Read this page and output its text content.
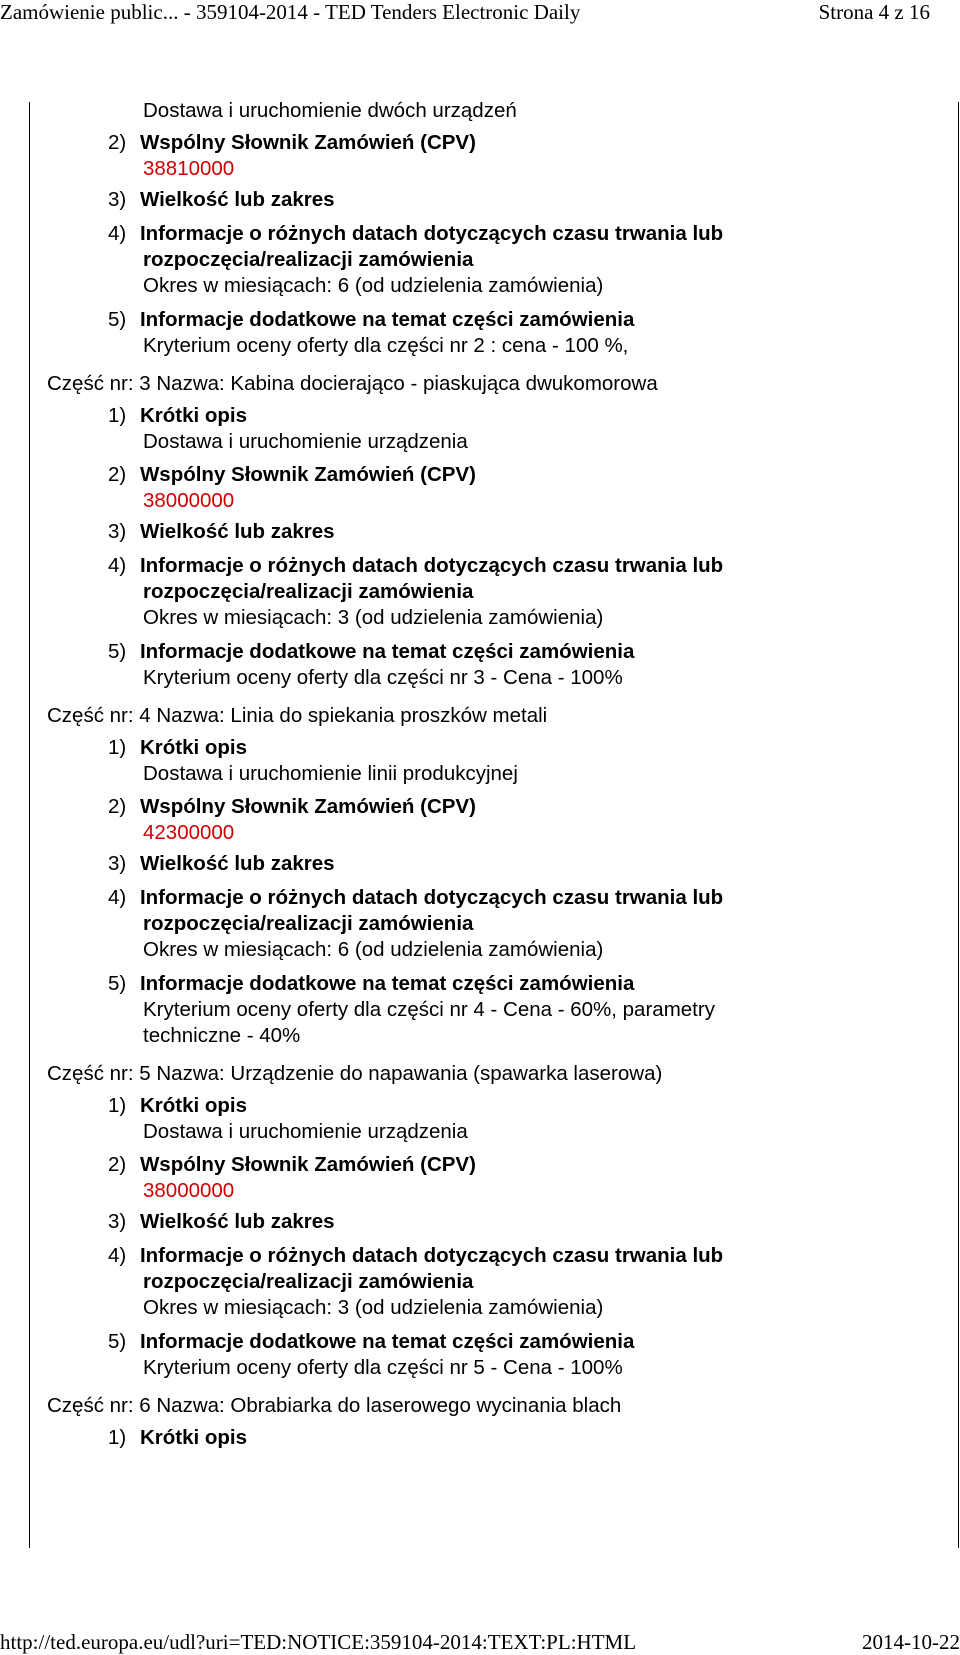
Zamówienie public... - 359104-2014 - TED Tenders Electronic Daily	Strona 4 z 16
Dostawa i uruchomienie dwóch urządzeń
2) Wspólny Słownik Zamówień (CPV)
38810000
3) Wielkość lub zakres
4) Informacje o różnych datach dotyczących czasu trwania lub
rozpoczęcia/realizacji zamówienia
Okres w miesiącach: 6 (od udzielenia zamówienia)
5) Informacje dodatkowe na temat części zamówienia
Kryterium oceny oferty dla części nr 2 : cena - 100 %,
Część nr: 3 Nazwa: Kabina docierająco - piaskująca dwukomorowa
1) Krótki opis
Dostawa i uruchomienie urządzenia
2) Wspólny Słownik Zamówień (CPV)
38000000
3) Wielkość lub zakres
4) Informacje o różnych datach dotyczących czasu trwania lub
rozpoczęcia/realizacji zamówienia
Okres w miesiącach: 3 (od udzielenia zamówienia)
5) Informacje dodatkowe na temat części zamówienia
Kryterium oceny oferty dla części nr 3 - Cena - 100%
Część nr: 4 Nazwa: Linia do spiekania proszków metali
1) Krótki opis
Dostawa i uruchomienie linii produkcyjnej
2) Wspólny Słownik Zamówień (CPV)
42300000
3) Wielkość lub zakres
4) Informacje o różnych datach dotyczących czasu trwania lub
rozpoczęcia/realizacji zamówienia
Okres w miesiącach: 6 (od udzielenia zamówienia)
5) Informacje dodatkowe na temat części zamówienia
Kryterium oceny oferty dla części nr 4 - Cena - 60%, parametry
techniczne - 40%
Część nr: 5 Nazwa: Urządzenie do napawania (spawarka laserowa)
1) Krótki opis
Dostawa i uruchomienie urządzenia
2) Wspólny Słownik Zamówień (CPV)
38000000
3) Wielkość lub zakres
4) Informacje o różnych datach dotyczących czasu trwania lub
rozpoczęcia/realizacji zamówienia
Okres w miesiącach: 3 (od udzielenia zamówienia)
5) Informacje dodatkowe na temat części zamówienia
Kryterium oceny oferty dla części nr 5 - Cena - 100%
Część nr: 6 Nazwa: Obrabiarka do laserowego wycinania blach
1) Krótki opis
http://ted.europa.eu/udl?uri=TED:NOTICE:359104-2014:TEXT:PL:HTML	2014-10-22
